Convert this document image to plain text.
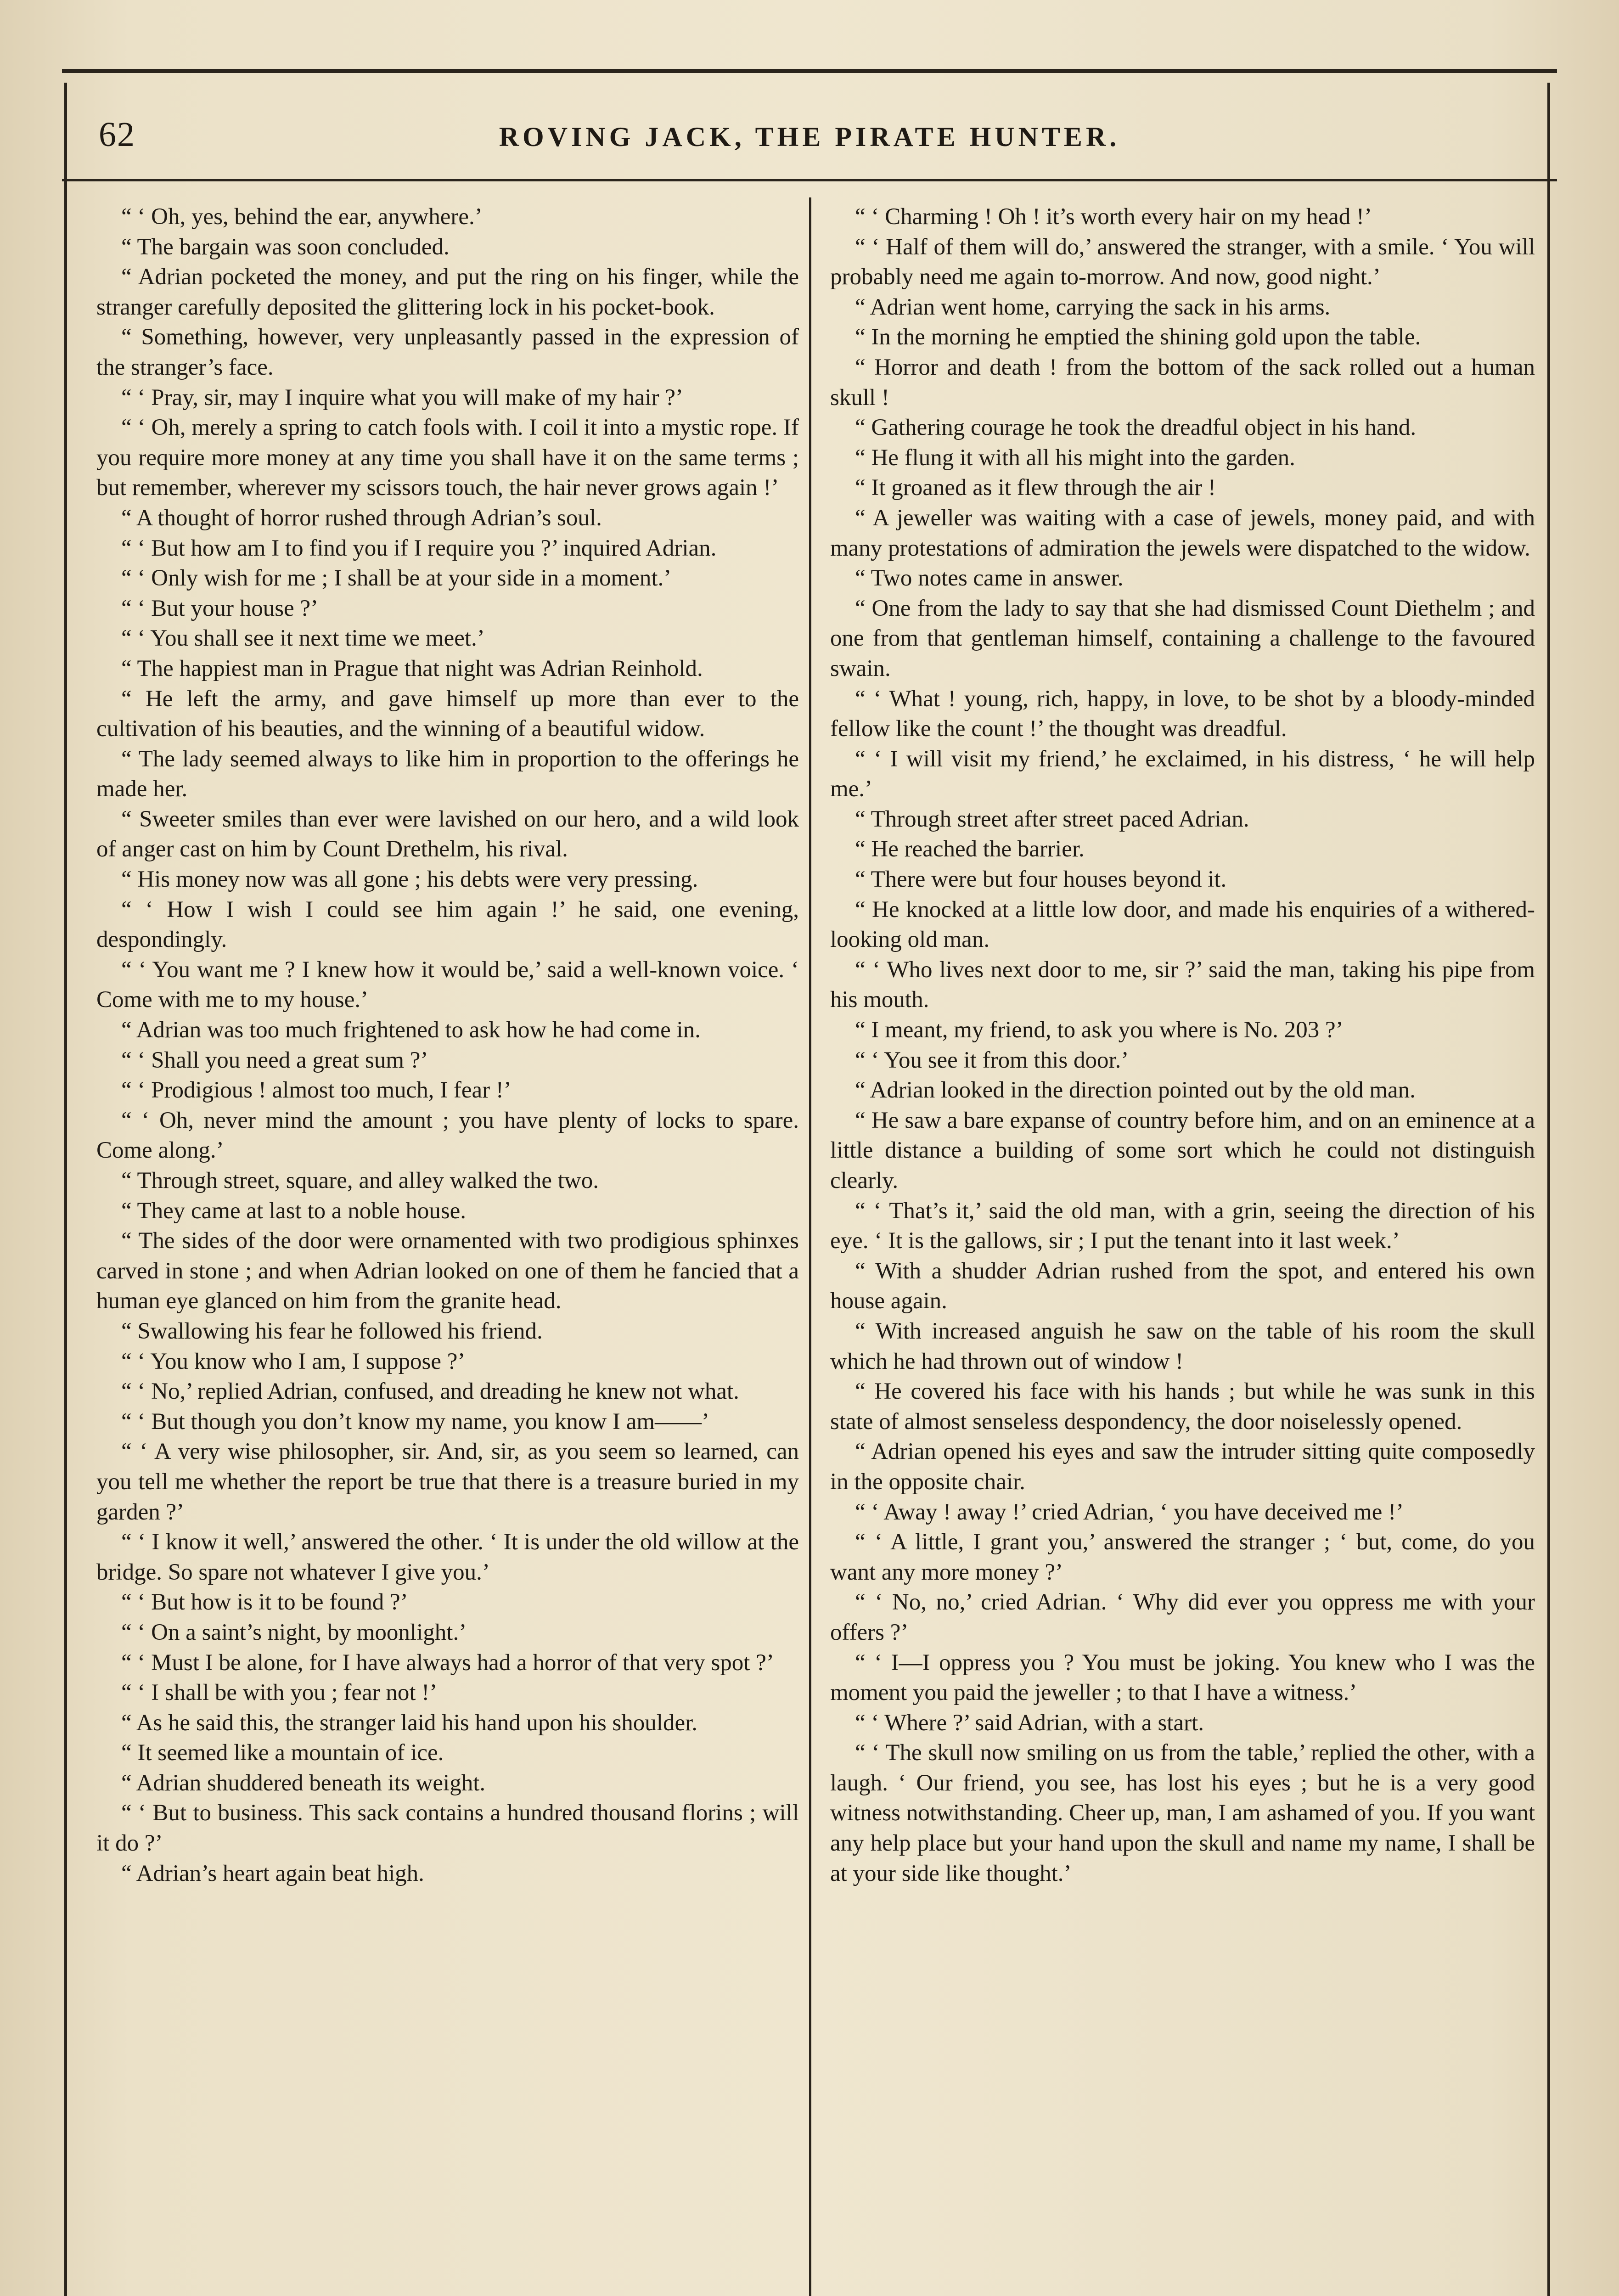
62	ROVING JACK, THE PIRATE HUNTER.

“ ‘ Oh, yes, behind the ear, anywhere.’

“ The bargain was soon concluded.

“ Adrian pocketed the money, and put the ring on his finger, while the stranger carefully deposited the glittering lock in his pocket-book.

“ Something, however, very unpleasantly passed in the expression of the stranger’s face.

“ ‘ Pray, sir, may I inquire what you will make of my hair ?’

“ ‘ Oh, merely a spring to catch fools with. I coil it into a mystic rope. If you require more money at any time you shall have it on the same terms ; but remember, wherever my scissors touch, the hair never grows again !’

“ A thought of horror rushed through Adrian’s soul.

“ ‘ But how am I to find you if I require you ?’ inquired Adrian.

“ ‘ Only wish for me ; I shall be at your side in a moment.’

“ ‘ But your house ?’

“ ‘ You shall see it next time we meet.’

“ The happiest man in Prague that night was Adrian Reinhold.

“ He left the army, and gave himself up more than ever to the cultivation of his beauties, and the winning of a beautiful widow.

“ The lady seemed always to like him in proportion to the offerings he made her.

“ Sweeter smiles than ever were lavished on our hero, and a wild look of anger cast on him by Count Drethelm, his rival.

“ His money now was all gone ; his debts were very pressing.

“ ‘ How I wish I could see him again !’ he said, one evening, despondingly.

“ ‘ You want me ? I knew how it would be,’ said a well-known voice. ‘ Come with me to my house.’

“ Adrian was too much frightened to ask how he had come in.

“ ‘ Shall you need a great sum ?’

“ ‘ Prodigious ! almost too much, I fear !’

“ ‘ Oh, never mind the amount ; you have plenty of locks to spare. Come along.’

“ Through street, square, and alley walked the two.

“ They came at last to a noble house.

“ The sides of the door were ornamented with two prodigious sphinxes carved in stone ; and when Adrian looked on one of them he fancied that a human eye glanced on him from the granite head.

“ Swallowing his fear he followed his friend.

“ ‘ You know who I am, I suppose ?’

“ ‘ No,’ replied Adrian, confused, and dreading he knew not what.

“ ‘ But though you don’t know my name, you know I am——’

“ ‘ A very wise philosopher, sir. And, sir, as you seem so learned, can you tell me whether the report be true that there is a treasure buried in my garden ?’

“ ‘ I know it well,’ answered the other. ‘ It is under the old willow at the bridge. So spare not whatever I give you.’

“ ‘ But how is it to be found ?’

“ ‘ On a saint’s night, by moonlight.’

“ ‘ Must I be alone, for I have always had a horror of that very spot ?’

“ ‘ I shall be with you ; fear not !’

“ As he said this, the stranger laid his hand upon his shoulder.

“ It seemed like a mountain of ice.

“ Adrian shuddered beneath its weight.

“ ‘ But to business. This sack contains a hundred thousand florins ; will it do ?’

“ Adrian’s heart again beat high.

“ ‘ Charming ! Oh ! it’s worth every hair on my head !’

“ ‘ Half of them will do,’ answered the stranger, with a smile. ‘ You will probably need me again to-morrow. And now, good night.’

“ Adrian went home, carrying the sack in his arms.

“ In the morning he emptied the shining gold upon the table.

“ Horror and death ! from the bottom of the sack rolled out a human skull !

“ Gathering courage he took the dreadful object in his hand.

“ He flung it with all his might into the garden.

“ It groaned as it flew through the air !

“ A jeweller was waiting with a case of jewels, money paid, and with many protestations of admiration the jewels were dispatched to the widow.

“ Two notes came in answer.

“ One from the lady to say that she had dismissed Count Diethelm ; and one from that gentleman himself, containing a challenge to the favoured swain.

“ ‘ What ! young, rich, happy, in love, to be shot by a bloody-minded fellow like the count !’ the thought was dreadful.

“ ‘ I will visit my friend,’ he exclaimed, in his distress, ‘ he will help me.’

“ Through street after street paced Adrian.

“ He reached the barrier.

“ There were but four houses beyond it.

“ He knocked at a little low door, and made his enquiries of a withered-looking old man.

“ ‘ Who lives next door to me, sir ?’ said the man, taking his pipe from his mouth.

“ I meant, my friend, to ask you where is No. 203 ?’

“ ‘ You see it from this door.’

“ Adrian looked in the direction pointed out by the old man.

“ He saw a bare expanse of country before him, and on an eminence at a little distance a building of some sort which he could not distinguish clearly.

“ ‘ That’s it,’ said the old man, with a grin, seeing the direction of his eye. ‘ It is the gallows, sir ; I put the tenant into it last week.’

“ With a shudder Adrian rushed from the spot, and entered his own house again.

“ With increased anguish he saw on the table of his room the skull which he had thrown out of window !

“ He covered his face with his hands ; but while he was sunk in this state of almost senseless despondency, the door noiselessly opened.

“ Adrian opened his eyes and saw the intruder sitting quite composedly in the opposite chair.

“ ‘ Away ! away !’ cried Adrian, ‘ you have deceived me !’

“ ‘ A little, I grant you,’ answered the stranger ; ‘ but, come, do you want any more money ?’

“ ‘ No, no,’ cried Adrian. ‘ Why did ever you oppress me with your offers ?’

“ ‘ I—I oppress you ? You must be joking. You knew who I was the moment you paid the jeweller ; to that I have a witness.’

“ ‘ Where ?’ said Adrian, with a start.

“ ‘ The skull now smiling on us from the table,’ replied the other, with a laugh. ‘ Our friend, you see, has lost his eyes ; but he is a very good witness notwithstanding. Cheer up, man, I am ashamed of you. If you want any help place but your hand upon the skull and name my name, I shall be at your side like thought.’
